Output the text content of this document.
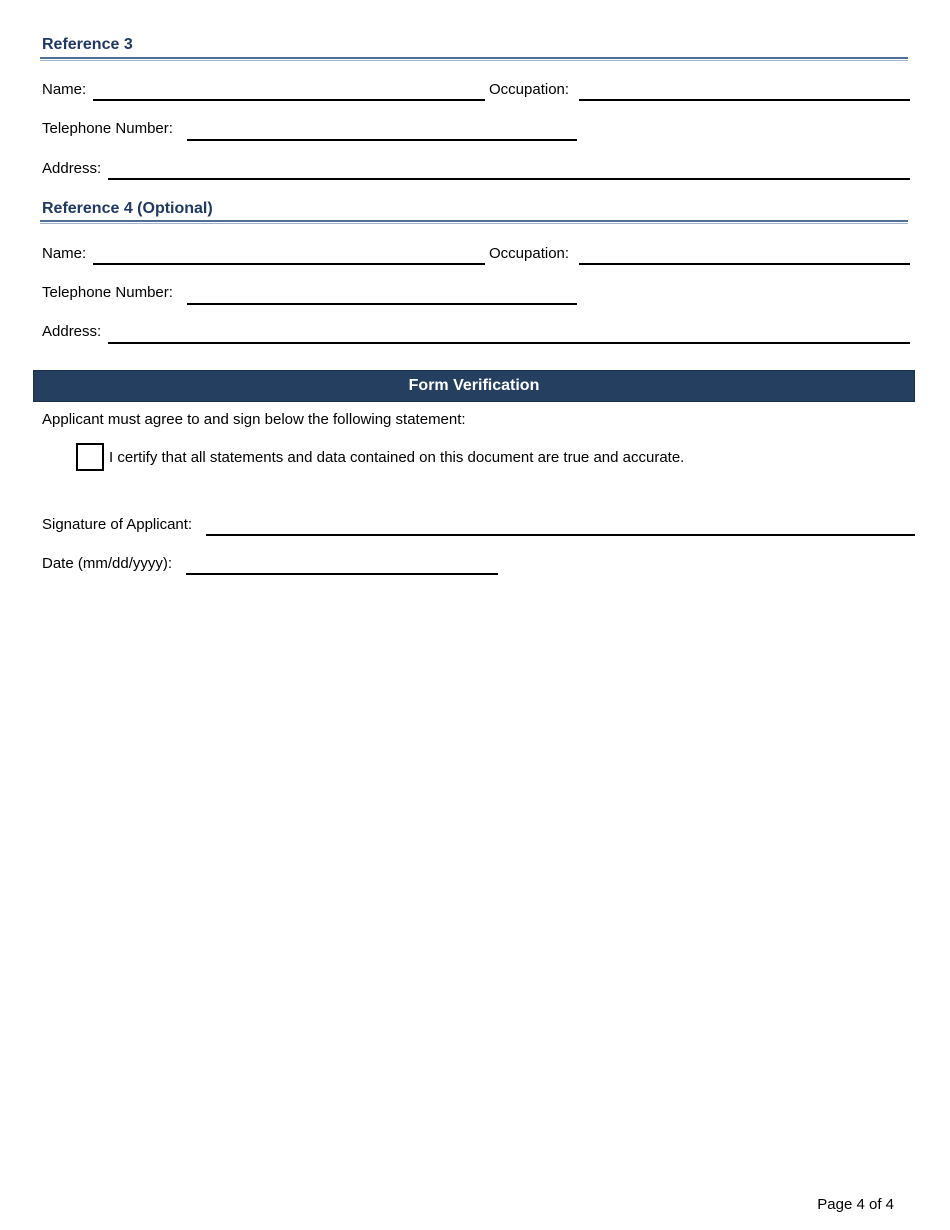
Reference 3
Name:	Occupation:
Telephone Number:
Address:
Reference 4 (Optional)
Name:	Occupation:
Telephone Number:
Address:
Form Verification
Applicant must agree to and sign below the following statement:
I certify that all statements and data contained on this document are true and accurate.
Signature of Applicant:
Date (mm/dd/yyyy):
Page 4 of 4
